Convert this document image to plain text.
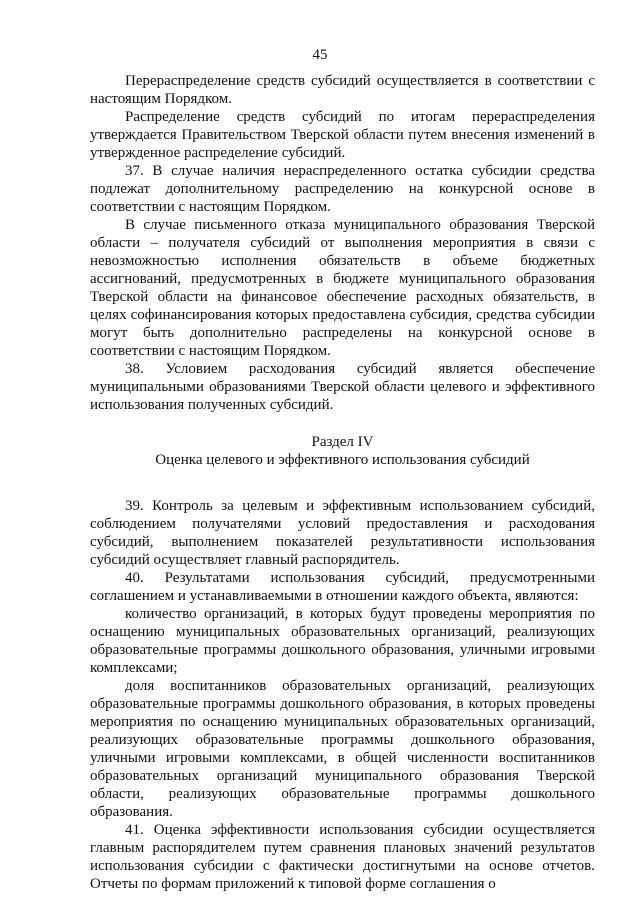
45

Перераспределение средств субсидий осуществляется в соответствии с настоящим Порядком.

Распределение средств субсидий по итогам перераспределения утверждается Правительством Тверской области путем внесения изменений в утвержденное распределение субсидий.

37. В случае наличия нераспределенного остатка субсидии средства подлежат дополнительному распределению на конкурсной основе в соответствии с настоящим Порядком.

В случае письменного отказа муниципального образования Тверской области – получателя субсидий от выполнения мероприятия в связи с невозможностью исполнения обязательств в объеме бюджетных ассигнований, предусмотренных в бюджете муниципального образования Тверской области на финансовое обеспечение расходных обязательств, в целях софинансирования которых предоставлена субсидия, средства субсидии могут быть дополнительно распределены на конкурсной основе в соответствии с настоящим Порядком.

38. Условием расходования субсидий является обеспечение муниципальными образованиями Тверской области целевого и эффективного использования полученных субсидий.

Раздел IV

Оценка целевого и эффективного использования субсидий

39. Контроль за целевым и эффективным использованием субсидий, соблюдением получателями условий предоставления и расходования субсидий, выполнением показателей результативности использования субсидий осуществляет главный распорядитель.

40. Результатами использования субсидий, предусмотренными соглашением и устанавливаемыми в отношении каждого объекта, являются:

количество организаций, в которых будут проведены мероприятия по оснащению муниципальных образовательных организаций, реализующих образовательные программы дошкольного образования, уличными игровыми комплексами;

доля воспитанников образовательных организаций, реализующих образовательные программы дошкольного образования, в которых проведены мероприятия по оснащению муниципальных образовательных организаций, реализующих образовательные программы дошкольного образования, уличными игровыми комплексами, в общей численности воспитанников образовательных организаций муниципального образования Тверской области, реализующих образовательные программы дошкольного образования.

41. Оценка эффективности использования субсидии осуществляется главным распорядителем путем сравнения плановых значений результатов использования субсидии с фактически достигнутыми на основе отчетов. Отчеты по формам приложений к типовой форме соглашения о
